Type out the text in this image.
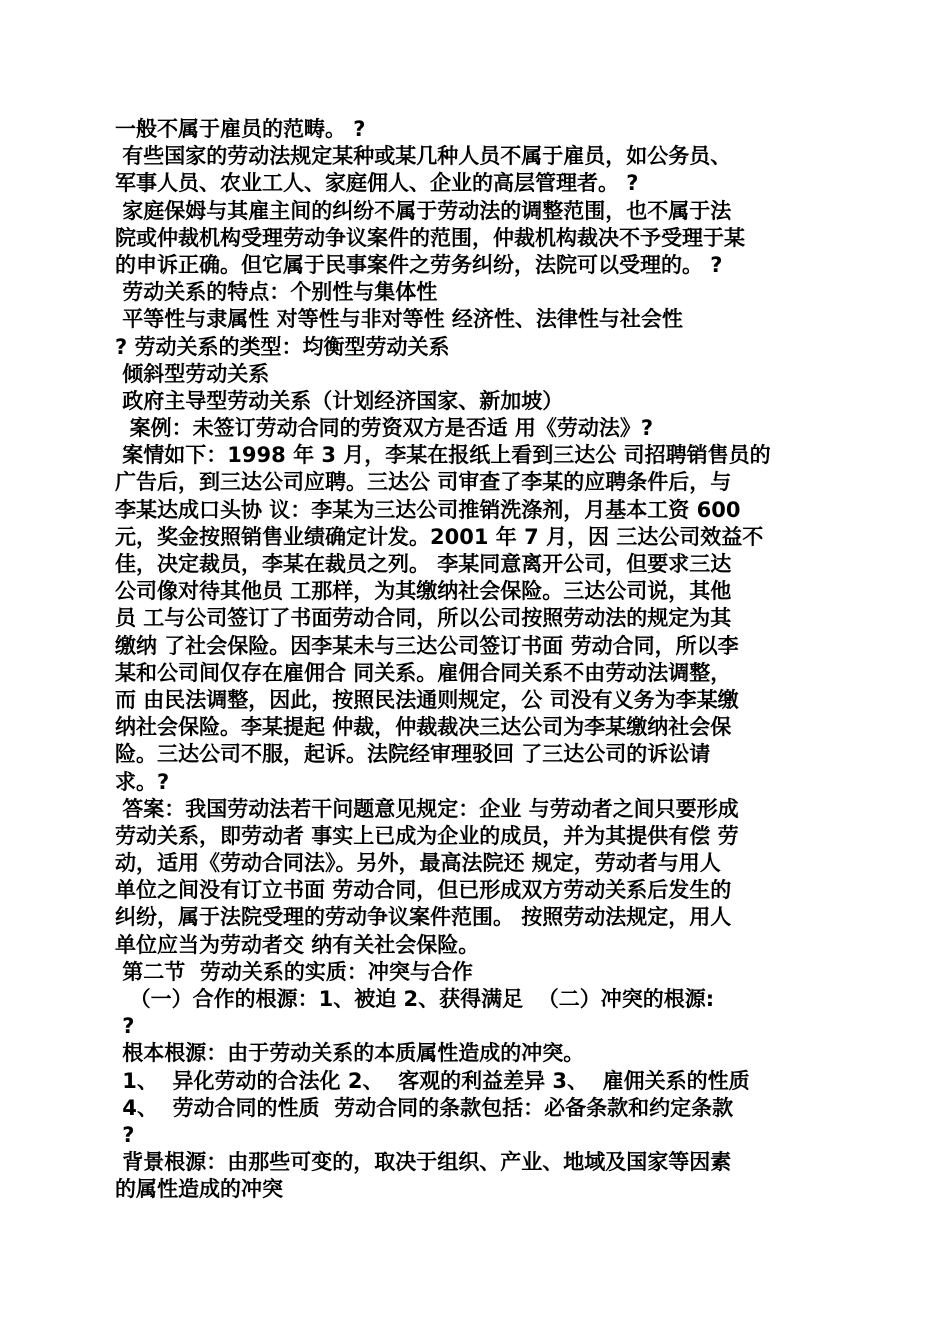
一般不属于雇员的范畴。 ?
有些国家的劳动法规定某种或某几种人员不属于雇员，如公务员、
军事人员、农业工人、家庭佣人、企业的高层管理者。 ?
家庭保姆与其雇主间的纠纷不属于劳动法的调整范围，也不属于法
院或仲裁机构受理劳动争议案件的范围，仲裁机构裁决不予受理于某
的申诉正确。但它属于民事案件之劳务纠纷，法院可以受理的。 ?
劳动关系的特点：个别性与集体性
平等性与隶属性 对等性与非对等性 经济性、法律性与社会性
? 劳动关系的类型：均衡型劳动关系
倾斜型劳动关系
政府主导型劳动关系（计划经济国家、新加坡）
案例：未签订劳动合同的劳资双方是否适 用《劳动法》?
案情如下：1998 年 3 月，李某在报纸上看到三达公 司招聘销售员的
广告后，到三达公司应聘。三达公 司审查了李某的应聘条件后，与
李某达成口头协 议：李某为三达公司推销洗涤剂，月基本工资 600
元，奖金按照销售业绩确定计发。2001 年 7 月，因 三达公司效益不
佳，决定裁员，李某在裁员之列。 李某同意离开公司，但要求三达
公司像对待其他员 工那样，为其缴纳社会保险。三达公司说，其他
员 工与公司签订了书面劳动合同，所以公司按照劳动法的规定为其
缴纳 了社会保险。因李某未与三达公司签订书面 劳动合同，所以李
某和公司间仅存在雇佣合 同关系。雇佣合同关系不由劳动法调整，
而 由民法调整，因此，按照民法通则规定，公 司没有义务为李某缴
纳社会保险。李某提起 仲裁，仲裁裁决三达公司为李某缴纳社会保
险。三达公司不服，起诉。法院经审理驳回 了三达公司的诉讼请
求。?
答案：我国劳动法若干问题意见规定：企业 与劳动者之间只要形成
劳动关系，即劳动者 事实上已成为企业的成员，并为其提供有偿 劳
动，适用《劳动合同法》。另外，最高法院还 规定，劳动者与用人
单位之间没有订立书面 劳动合同，但已形成双方劳动关系后发生的
纠纷，属于法院受理的劳动争议案件范围。 按照劳动法规定，用人
单位应当为劳动者交 纳有关社会保险。
第二节  劳动关系的实质：冲突与合作
（一）合作的根源：1、被迫 2、获得满足  （二）冲突的根源:
?
根本根源：由于劳动关系的本质属性造成的冲突。
1、  异化劳动的合法化 2、  客观的利益差异 3、  雇佣关系的性质
4、  劳动合同的性质  劳动合同的条款包括：必备条款和约定条款
?
背景根源：由那些可变的，取决于组织、产业、地域及国家等因素
的属性造成的冲突
